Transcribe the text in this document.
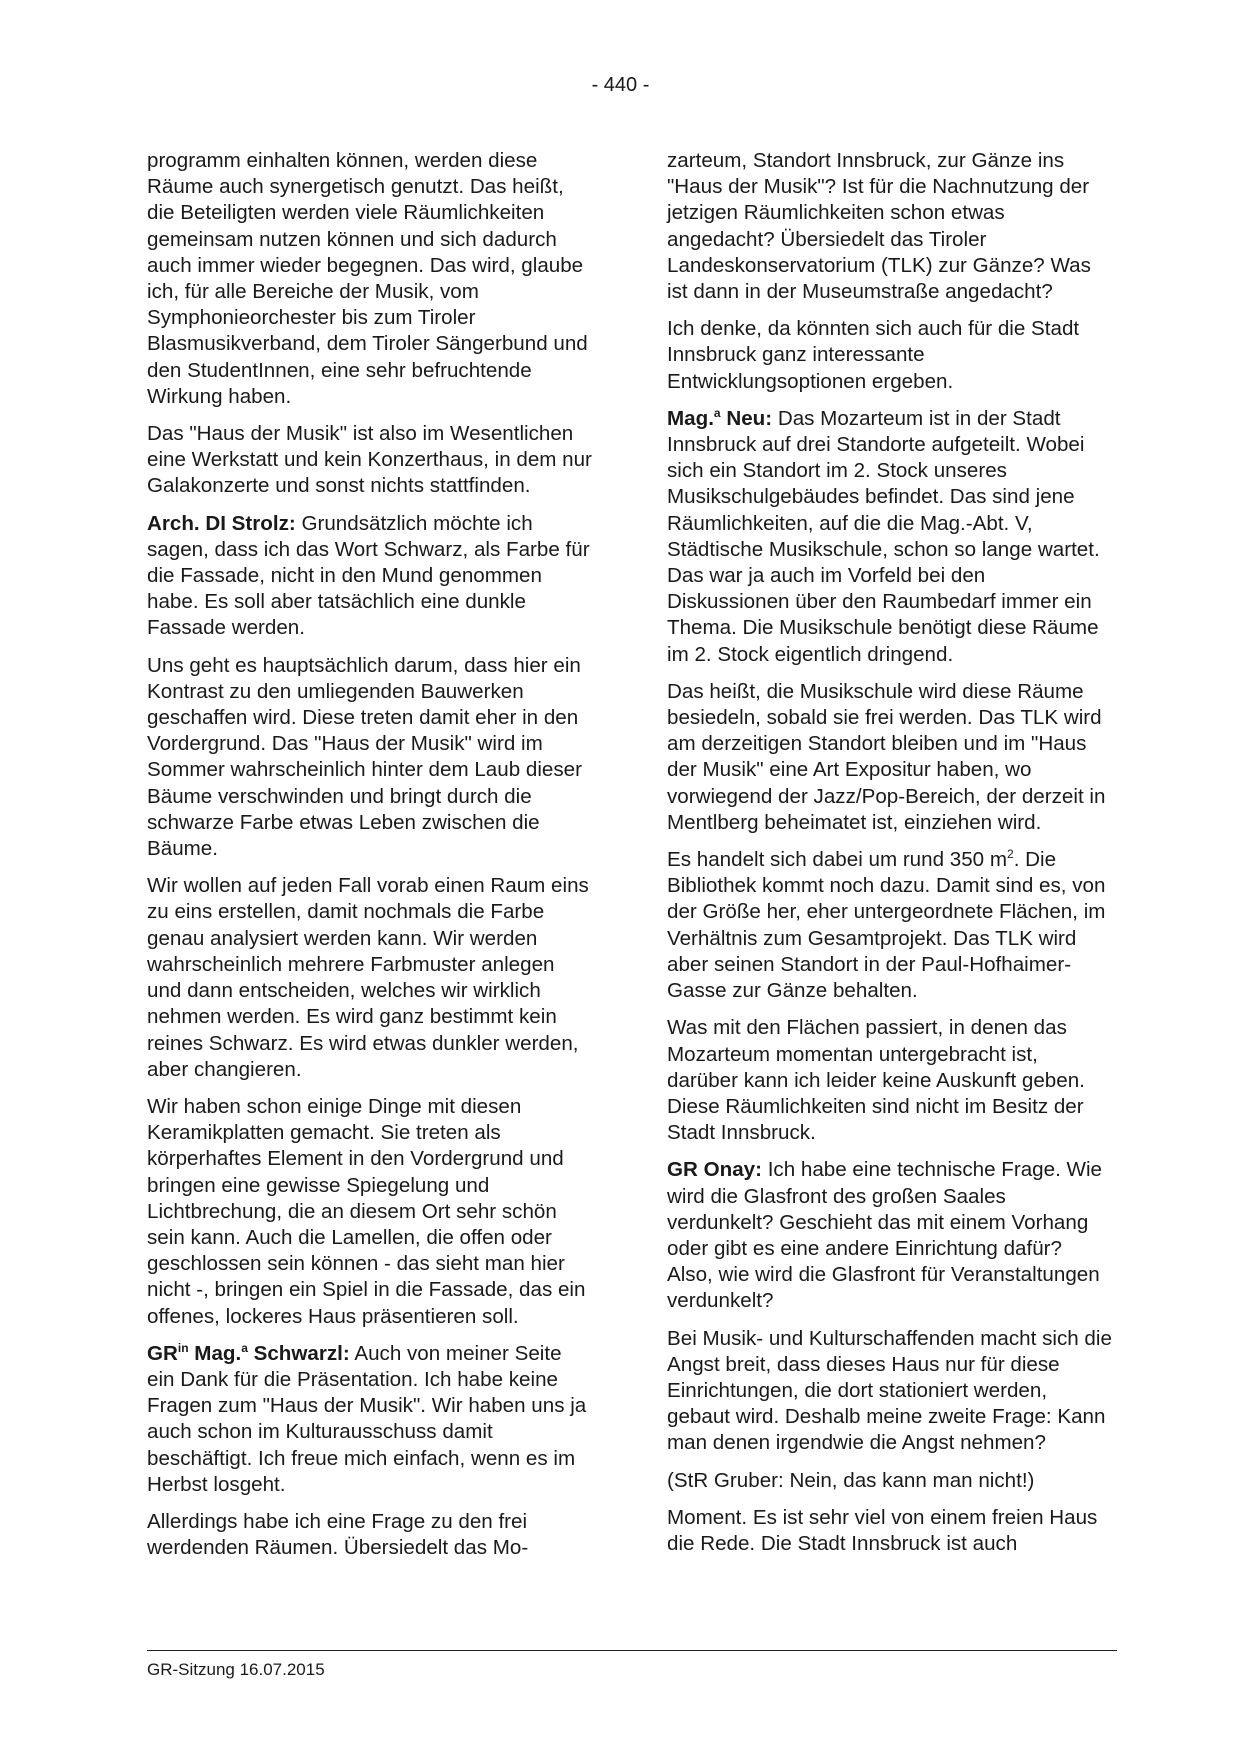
- 440 -

programm einhalten können, werden diese Räume auch synergetisch genutzt. Das heißt, die Beteiligten werden viele Räumlichkeiten gemeinsam nutzen können und sich dadurch auch immer wieder begegnen. Das wird, glaube ich, für alle Bereiche der Musik, vom Symphonieorchester bis zum Tiroler Blasmusikverband, dem Tiroler Sängerbund und den StudentInnen, eine sehr befruchtende Wirkung haben.

Das "Haus der Musik" ist also im Wesentlichen eine Werkstatt und kein Konzerthaus, in dem nur Galakonzerte und sonst nichts stattfinden.

Arch. DI Strolz: Grundsätzlich möchte ich sagen, dass ich das Wort Schwarz, als Farbe für die Fassade, nicht in den Mund genommen habe. Es soll aber tatsächlich eine dunkle Fassade werden.

Uns geht es hauptsächlich darum, dass hier ein Kontrast zu den umliegenden Bauwerken geschaffen wird. Diese treten damit eher in den Vordergrund. Das "Haus der Musik" wird im Sommer wahrscheinlich hinter dem Laub dieser Bäume verschwinden und bringt durch die schwarze Farbe etwas Leben zwischen die Bäume.

Wir wollen auf jeden Fall vorab einen Raum eins zu eins erstellen, damit nochmals die Farbe genau analysiert werden kann. Wir werden wahrscheinlich mehrere Farbmuster anlegen und dann entscheiden, welches wir wirklich nehmen werden. Es wird ganz bestimmt kein reines Schwarz. Es wird etwas dunkler werden, aber changieren.

Wir haben schon einige Dinge mit diesen Keramikplatten gemacht. Sie treten als körperhaftes Element in den Vordergrund und bringen eine gewisse Spiegelung und Lichtbrechung, die an diesem Ort sehr schön sein kann. Auch die Lamellen, die offen oder geschlossen sein können - das sieht man hier nicht -, bringen ein Spiel in die Fassade, das ein offenes, lockeres Haus präsentieren soll.

$GR^{in}$ Mag.$^a$ Schwarzl: Auch von meiner Seite ein Dank für die Präsentation. Ich habe keine Fragen zum "Haus der Musik". Wir haben uns ja auch schon im Kulturausschuss damit beschäftigt. Ich freue mich einfach, wenn es im Herbst losgeht.

Allerdings habe ich eine Frage zu den frei werdenden Räumen. Übersiedelt das Mo-

zarteum, Standort Innsbruck, zur Gänze ins "Haus der Musik"? Ist für die Nachnutzung der jetzigen Räumlichkeiten schon etwas angedacht? Übersiedelt das Tiroler Landeskonservatorium (TLK) zur Gänze? Was ist dann in der Museumstraße angedacht?

Ich denke, da könnten sich auch für die Stadt Innsbruck ganz interessante Entwicklungsoptionen ergeben.

Mag.$^a$ Neu: Das Mozarteum ist in der Stadt Innsbruck auf drei Standorte aufgeteilt. Wobei sich ein Standort im 2. Stock unseres Musikschulgebäudes befindet. Das sind jene Räumlichkeiten, auf die die Mag.-Abt. V, Städtische Musikschule, schon so lange wartet. Das war ja auch im Vorfeld bei den Diskussionen über den Raumbedarf immer ein Thema. Die Musikschule benötigt diese Räume im 2. Stock eigentlich dringend.

Das heißt, die Musikschule wird diese Räume besiedeln, sobald sie frei werden. Das TLK wird am derzeitigen Standort bleiben und im "Haus der Musik" eine Art Expositur haben, wo vorwiegend der Jazz/Pop-Bereich, der derzeit in Mentlberg beheimatet ist, einziehen wird.

Es handelt sich dabei um rund 350 $m^2$. Die Bibliothek kommt noch dazu. Damit sind es, von der Größe her, eher untergeordnete Flächen, im Verhältnis zum Gesamtprojekt. Das TLK wird aber seinen Standort in der Paul-Hofhaimer-Gasse zur Gänze behalten.

Was mit den Flächen passiert, in denen das Mozarteum momentan untergebracht ist, darüber kann ich leider keine Auskunft geben. Diese Räumlichkeiten sind nicht im Besitz der Stadt Innsbruck.

GR Onay: Ich habe eine technische Frage. Wie wird die Glasfront des großen Saales verdunkelt? Geschieht das mit einem Vorhang oder gibt es eine andere Einrichtung dafür? Also, wie wird die Glasfront für Veranstaltungen verdunkelt?

Bei Musik- und Kulturschaffenden macht sich die Angst breit, dass dieses Haus nur für diese Einrichtungen, die dort stationiert werden, gebaut wird. Deshalb meine zweite Frage: Kann man denen irgendwie die Angst nehmen?

(StR Gruber: Nein, das kann man nicht!)

Moment. Es ist sehr viel von einem freien Haus die Rede. Die Stadt Innsbruck ist auch

GR-Sitzung 16.07.2015
